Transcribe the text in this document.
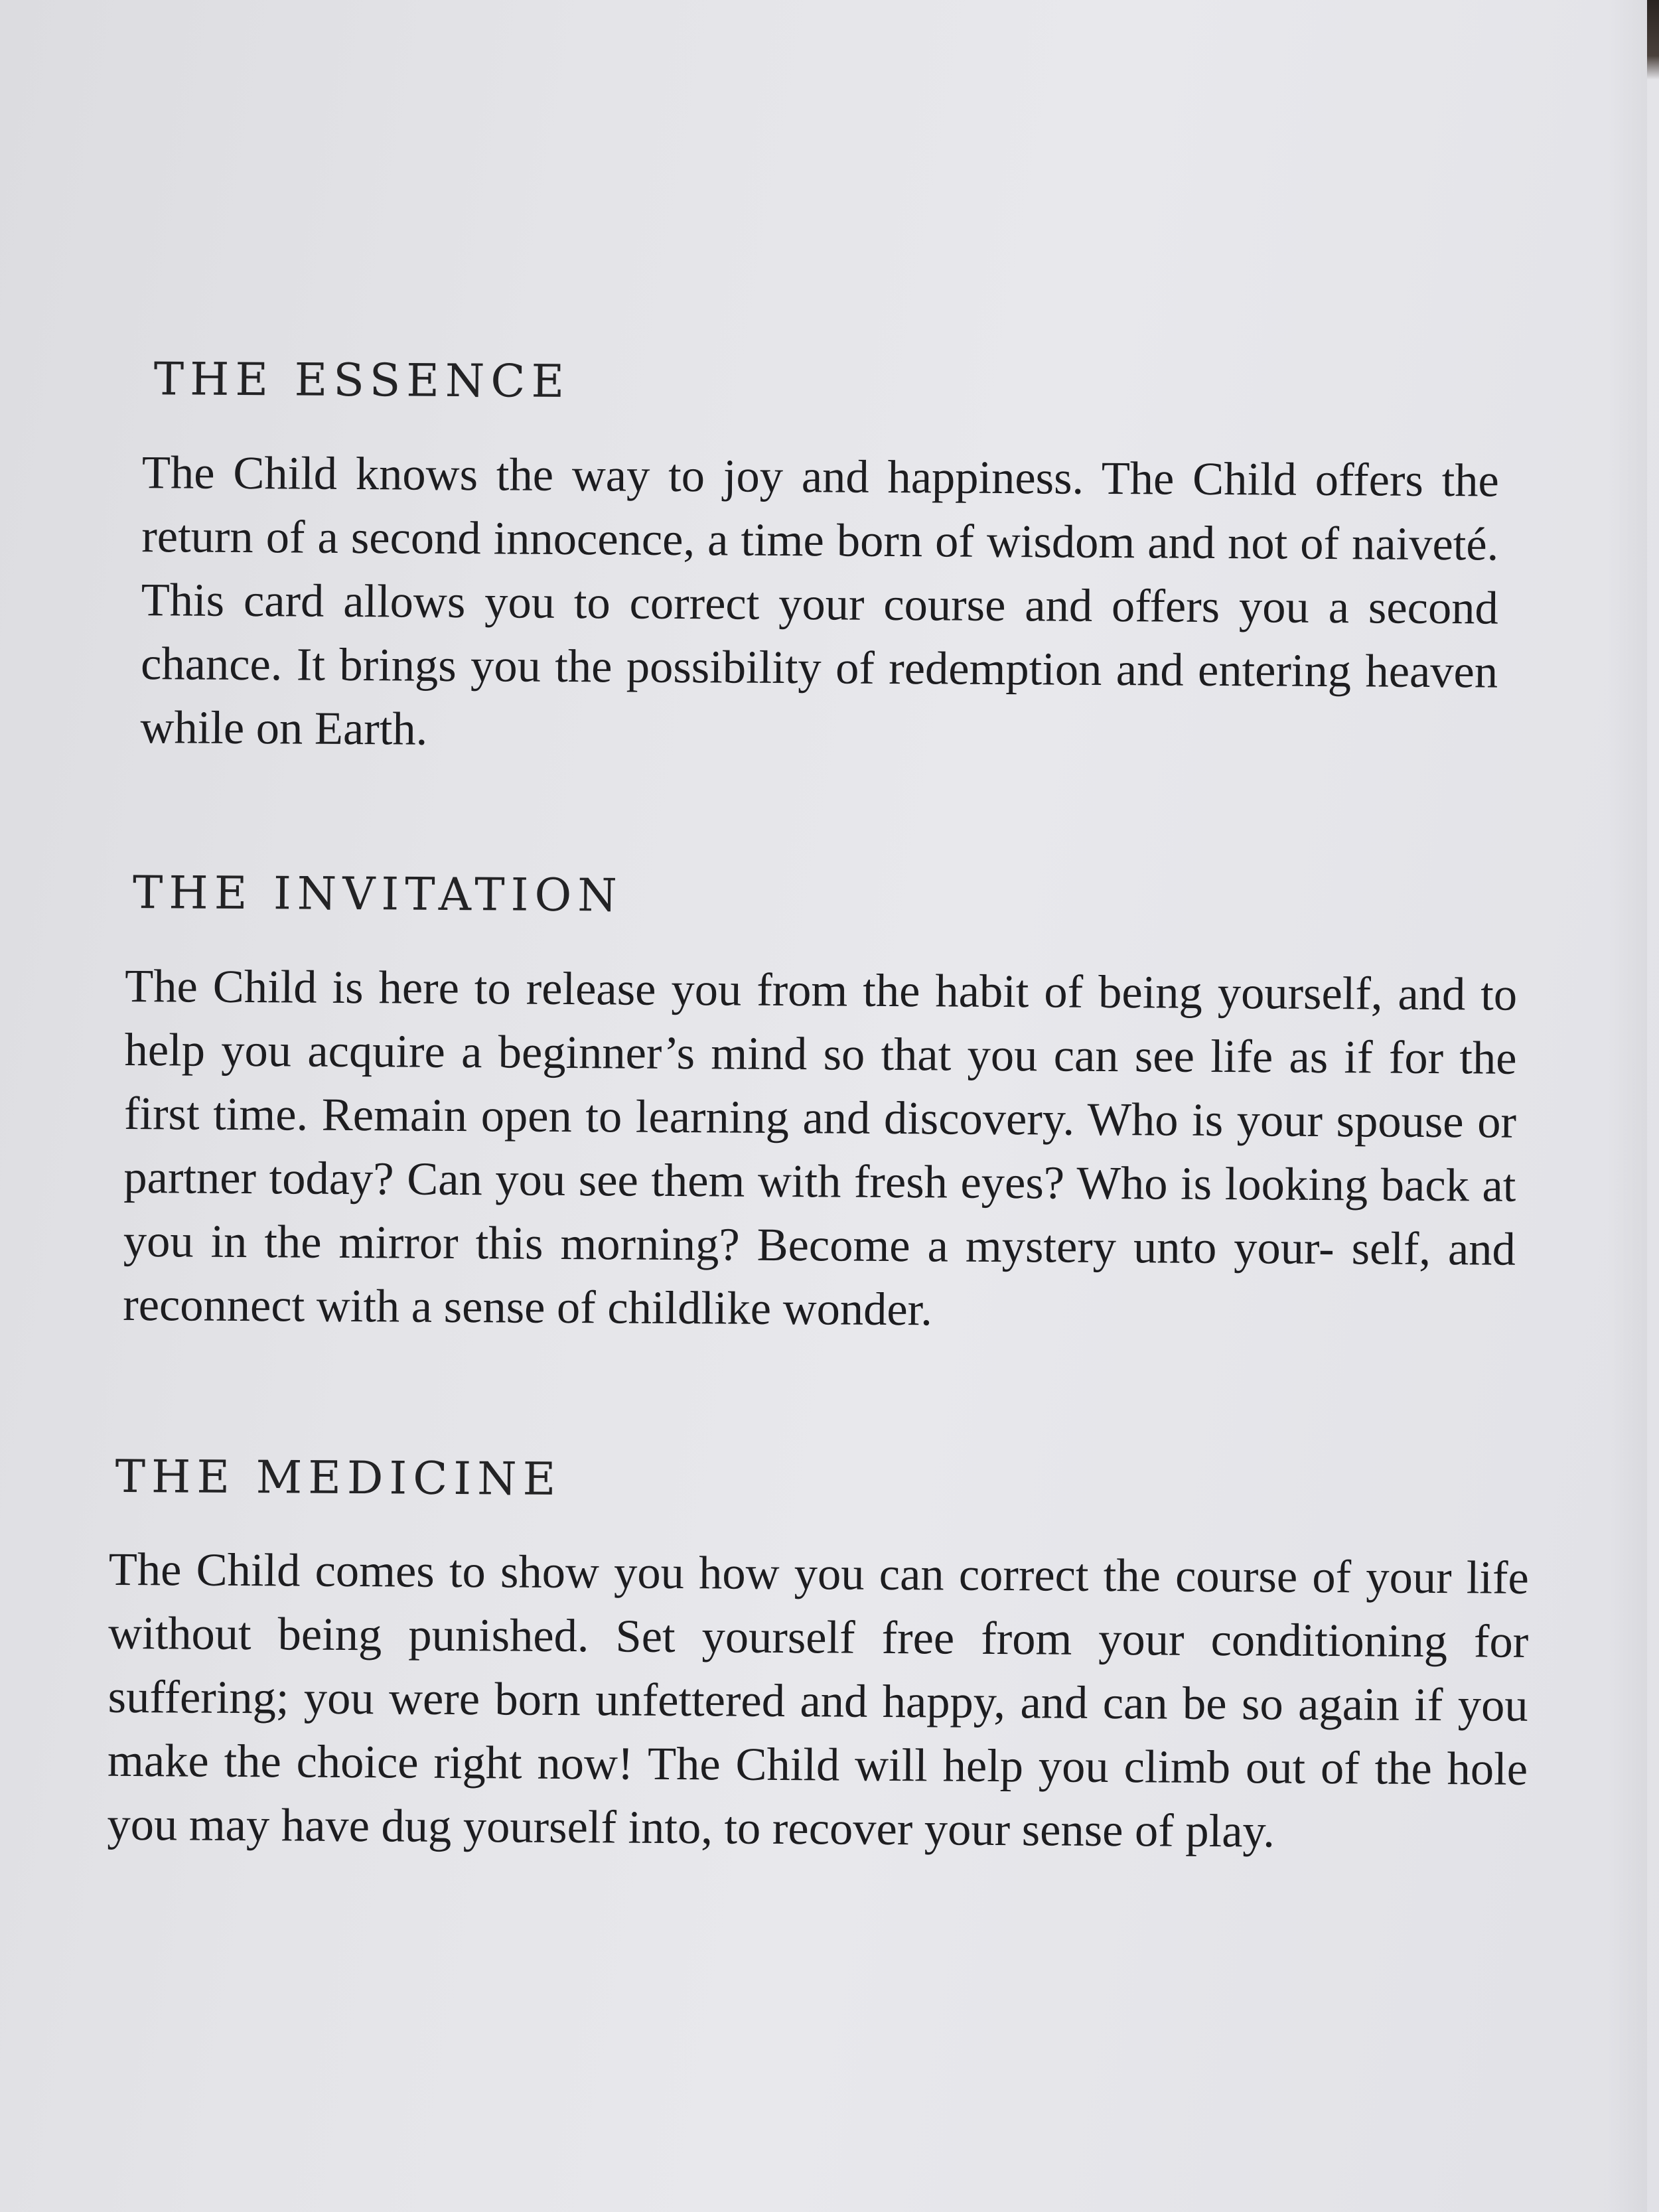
THE ESSENCE

The Child knows the way to joy and happiness. The Child offers the return of a second innocence, a time born of wisdom and not of naiveté. This card allows you to correct your course and offers you a second chance. It brings you the possibility of redemption and entering heaven while on Earth.

THE INVITATION

The Child is here to release you from the habit of being yourself, and to help you acquire a beginner’s mind so that you can see life as if for the first time. Remain open to learning and discovery. Who is your spouse or partner today? Can you see them with fresh eyes? Who is looking back at you in the mirror this morning? Become a mystery unto your- self, and reconnect with a sense of childlike wonder.

THE MEDICINE

The Child comes to show you how you can correct the course of your life without being punished. Set yourself free from your conditioning for suffering; you were born unfettered and happy, and can be so again if you make the choice right now! The Child will help you climb out of the hole you may have dug yourself into, to recover your sense of play.
